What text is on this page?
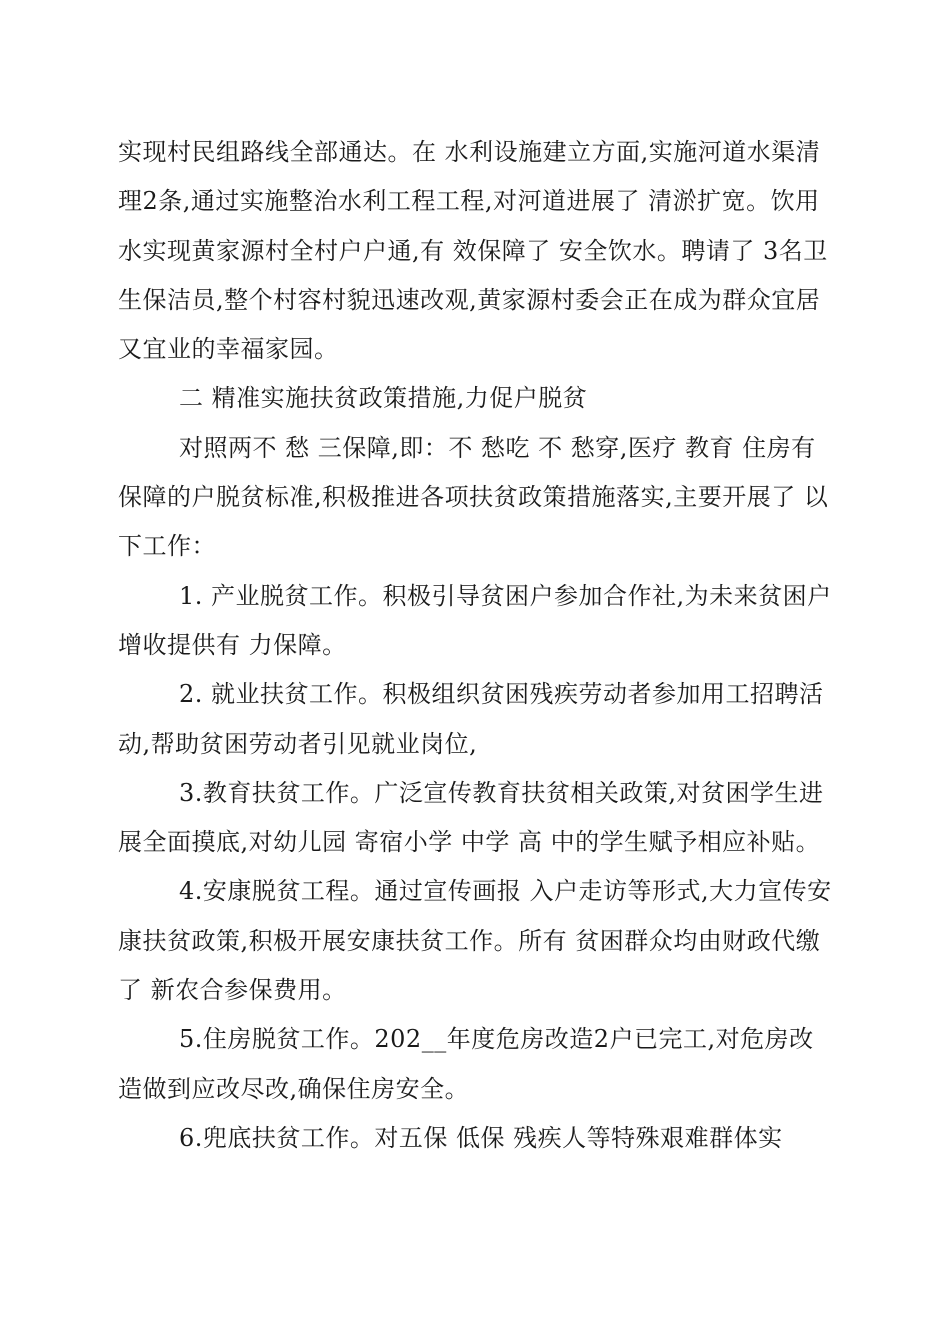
实现村民组路线全部通达。在 水利设施建立方面,实施河道水渠清理2条,通过实施整治水利工程工程,对河道进展了 清淤扩宽。饮用水实现黄家源村全村户户通,有 效保障了 安全饮水。聘请了 3名卫生保洁员,整个村容村貌迅速改观,黄家源村委会正在成为群众宜居又宜业的幸福家园。

二 精准实施扶贫政策措施,力促户脱贫

对照两不 愁 三保障,即：不 愁吃 不 愁穿,医疗 教育 住房有 保障的户脱贫标准,积极推进各项扶贫政策措施落实,主要开展了 以下工作：

1. 产业脱贫工作。积极引导贫困户参加合作社,为未来贫困户增收提供有 力保障。

2. 就业扶贫工作。积极组织贫困残疾劳动者参加用工招聘活动,帮助贫困劳动者引见就业岗位,

3.教育扶贫工作。广泛宣传教育扶贫相关政策,对贫困学生进展全面摸底,对幼儿园 寄宿小学 中学 高 中的学生赋予相应补贴。

4.安康脱贫工程。通过宣传画报 入户走访等形式,大力宣传安康扶贫政策,积极开展安康扶贫工作。所有 贫困群众均由财政代缴了 新农合参保费用。

5.住房脱贫工作。202__年度危房改造2户已完工,对危房改造做到应改尽改,确保住房安全。

6.兜底扶贫工作。对五保 低保 残疾人等特殊艰难群体实
